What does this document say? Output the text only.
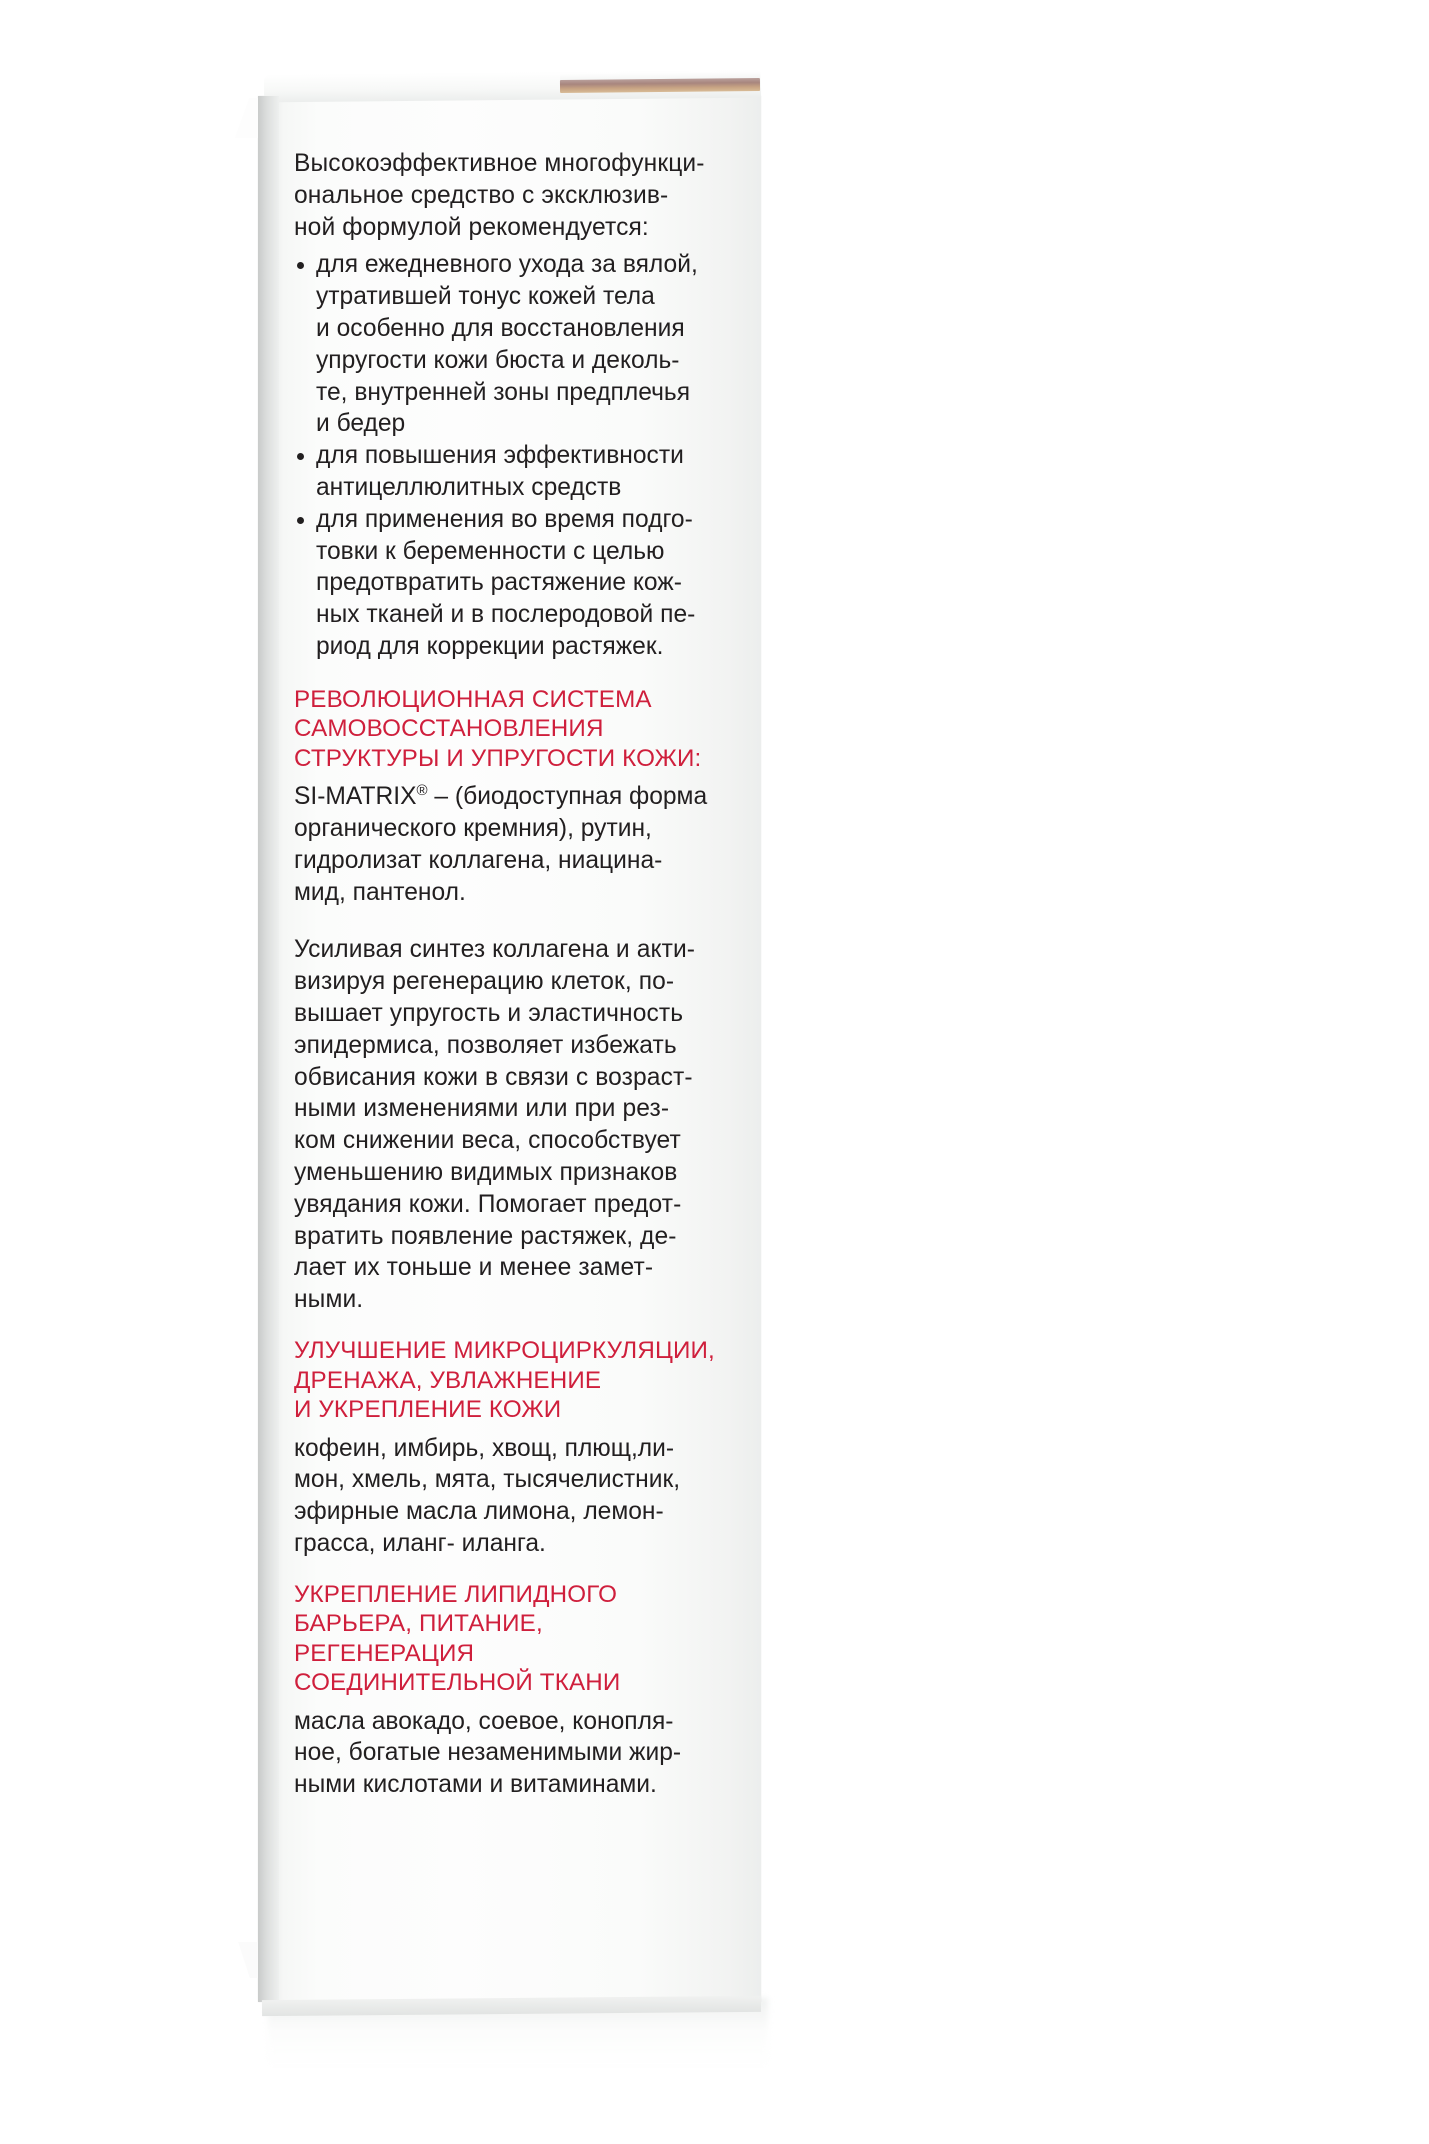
Высокоэффективное многофункци-
ональное средство с эксклюзив-
ной формулой рекомендуется:

для ежедневного ухода за вялой,
утратившей тонус кожей тела
и особенно для восстановления
упругости кожи бюста и деколь-
те, внутренней зоны предплечья
и бедер
для повышения эффективности
антицеллюлитных средств
для применения во время подго-
товки к беременности с целью
предотвратить растяжение кож-
ных тканей и в послеродовой пе-
риод для коррекции растяжек.
РЕВОЛЮЦИОННАЯ СИСТЕМА
САМОВОССТАНОВЛЕНИЯ
СТРУКТУРЫ И УПРУГОСТИ КОЖИ:

SI-MATRIX® – (биодоступная форма
органического кремния), рутин,
гидролизат коллагена, ниацина-
мид, пантенол.

Усиливая синтез коллагена и акти-
визируя регенерацию клеток, по-
вышает упругость и эластичность
эпидермиса, позволяет избежать
обвисания кожи в связи с возраст-
ными изменениями или при рез-
ком снижении веса, способствует
уменьшению видимых признаков
увядания кожи. Помогает предот-
вратить появление растяжек, де-
лает их тоньше и менее замет-
ными.

УЛУЧШЕНИЕ МИКРОЦИРКУЛЯЦИИ,
ДРЕНАЖА, УВЛАЖНЕНИЕ
И УКРЕПЛЕНИЕ КОЖИ

кофеин, имбирь, хвощ, плющ,ли-
мон, хмель, мята, тысячелистник,
эфирные масла лимона, лемон-
грасса, иланг- иланга.

УКРЕПЛЕНИЕ ЛИПИДНОГО
БАРЬЕРА, ПИТАНИЕ, РЕГЕНЕРАЦИЯ
СОЕДИНИТЕЛЬНОЙ ТКАНИ

масла авокадо, соевое, конопля-
ное, богатые незаменимыми жир-
ными кислотами и витаминами.
